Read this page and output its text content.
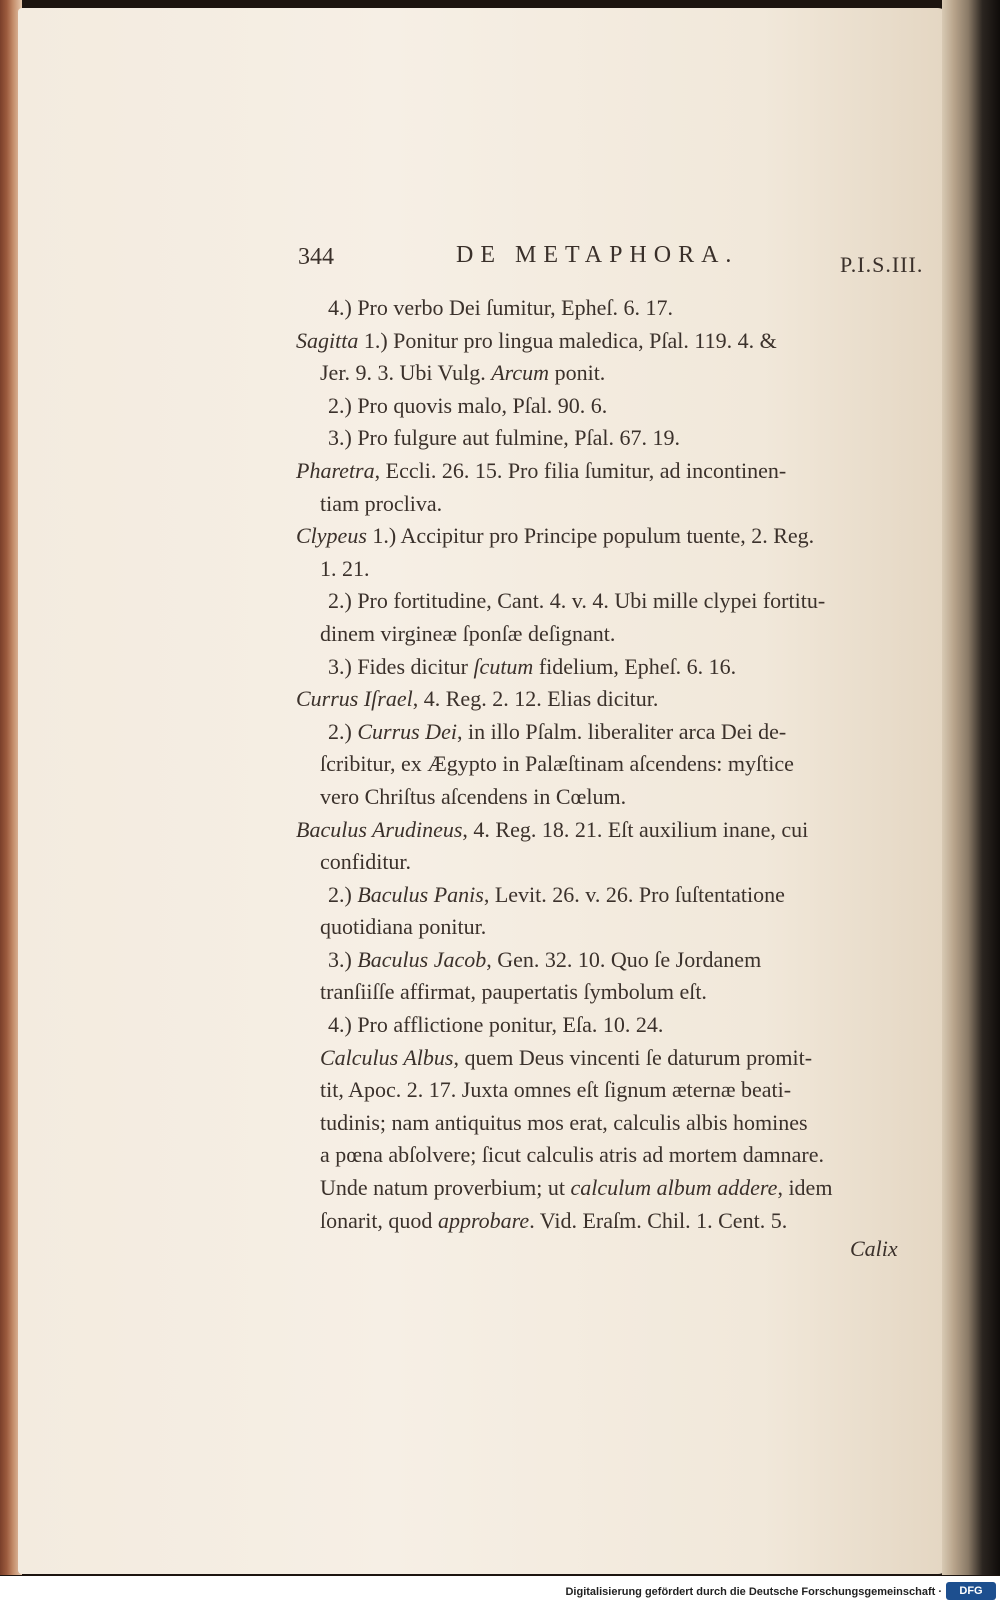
344	DE METAPHORA.	P.I.S.III.
4.) Pro verbo Dei ſumitur, Epheſ. 6. 17.
Sagitta 1.) Ponitur pro lingua maledica, Pſal. 119. 4. &
Jer. 9. 3. Ubi Vulg. Arcum ponit.
2.) Pro quovis malo, Pſal. 90. 6.
3.) Pro fulgure aut fulmine, Pſal. 67. 19.
Pharetra, Eccli. 26. 15. Pro filia ſumitur, ad incontinen-
tiam procliva.
Clypeus 1.) Accipitur pro Principe populum tuente, 2. Reg.
1. 21.
2.) Pro fortitudine, Cant. 4. v. 4. Ubi mille clypei fortitu-
dinem virgineæ ſponſæ deſignant.
3.) Fides dicitur ſcutum fidelium, Epheſ. 6. 16.
Currus Iſrael, 4. Reg. 2. 12. Elias dicitur.
2.) Currus Dei, in illo Pſalm. liberaliter arca Dei de-
ſcribitur, ex Ægypto in Palæſtinam aſcendens: myſtice
vero Chriſtus aſcendens in Cœlum.
Baculus Arudineus, 4. Reg. 18. 21. Eſt auxilium inane, cui
confiditur.
2.) Baculus Panis, Levit. 26. v. 26. Pro ſuſtentatione
quotidiana ponitur.
3.) Baculus Jacob, Gen. 32. 10. Quo ſe Jordanem
tranſiiſſe affirmat, paupertatis ſymbolum eſt.
4.) Pro afflictione ponitur, Eſa. 10. 24.
Calculus Albus, quem Deus vincenti ſe daturum promit-
tit, Apoc. 2. 17. Juxta omnes eſt ſignum æternæ beati-
tudinis; nam antiquitus mos erat, calculis albis homines
a pœna abſolvere; ſicut calculis atris ad mortem damnare.
Unde natum proverbium; ut calculum album addere, idem
ſonarit, quod approbare. Vid. Eraſm. Chil. 1. Cent. 5.
Calix
Digitalisierung gefördert durch die Deutsche Forschungsgemeinschaft ·	DFG
